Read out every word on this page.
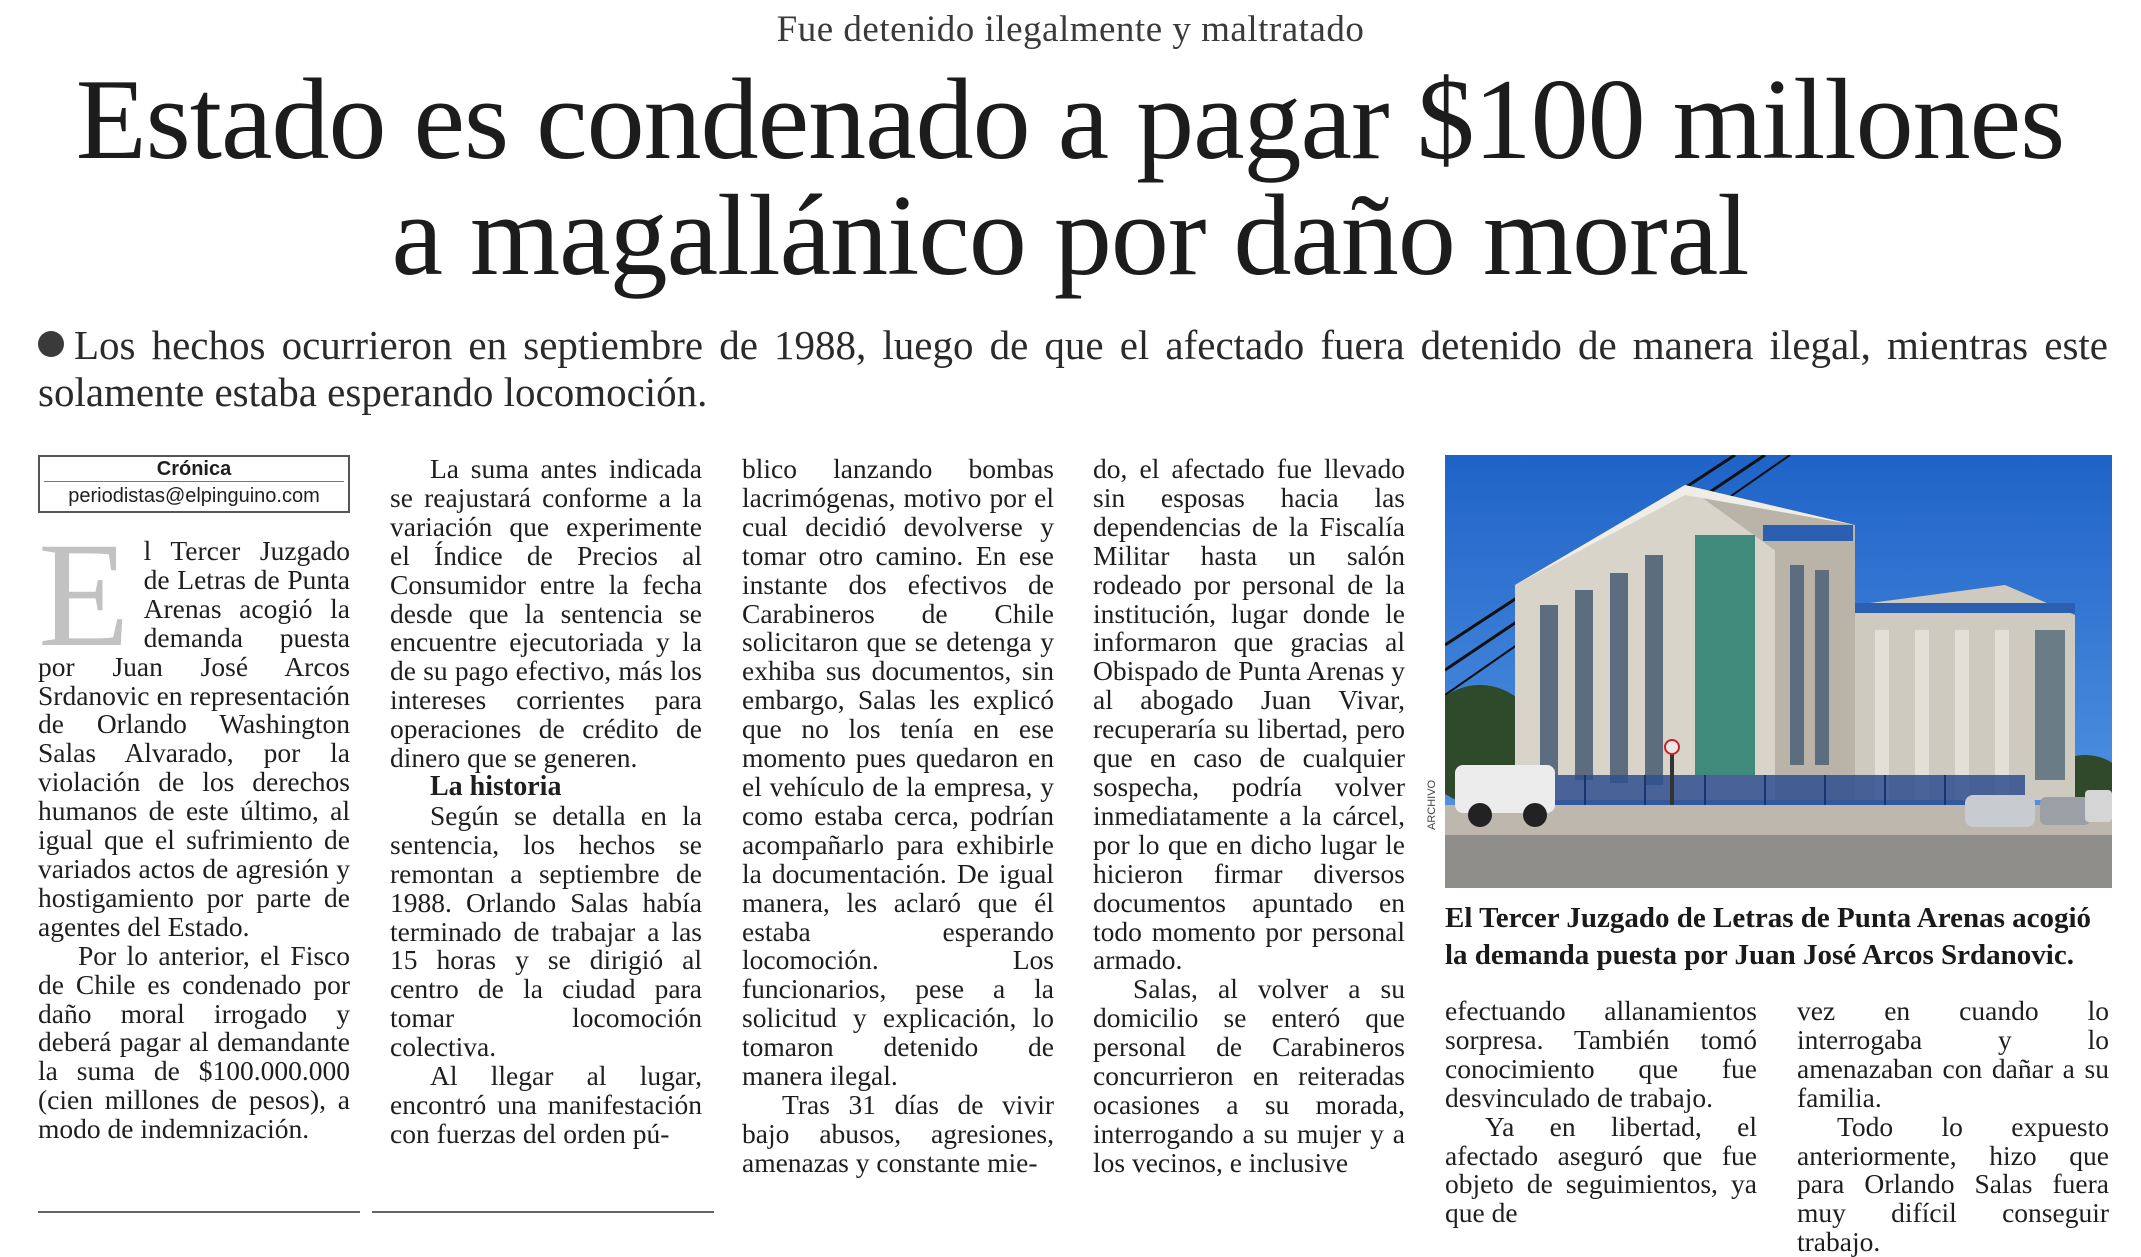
Fue detenido ilegalmente y maltratado
Estado es condenado a pagar $100 millones
a magallánico por daño moral
Los hechos ocurrieron en septiembre de 1988, luego de que el afectado fuera detenido de manera ilegal, mientras este solamente estaba esperando locomoción.
Crónica
periodistas@elpinguino.com

El Tercer Juzgado de Letras de Punta Arenas acogió la demanda puesta por Juan José Arcos Srdanovic en representación de Orlando Washington Salas Alvarado, por la violación de los derechos humanos de este último, al igual que el sufrimiento de variados actos de agresión y hostigamiento por parte de agentes del Estado.

Por lo anterior, el Fisco de Chile es condenado por daño moral irrogado y deberá pagar al demandante la suma de $100.000.000 (cien millones de pesos), a modo de indemnización.

La suma antes indicada se reajustará conforme a la variación que experimente el Índice de Precios al Consumidor entre la fecha desde que la sentencia se encuentre ejecutoriada y la de su pago efectivo, más los intereses corrientes para operaciones de crédito de dinero que se generen.

La historia

Según se detalla en la sentencia, los hechos se remontan a septiembre de 1988. Orlando Salas había terminado de trabajar a las 15 horas y se dirigió al centro de la ciudad para tomar locomoción colectiva.

Al llegar al lugar, encontró una manifestación con fuerzas del orden pú-

blico lanzando bombas lacrimógenas, motivo por el cual decidió devolverse y tomar otro camino. En ese instante dos efectivos de Carabineros de Chile solicitaron que se detenga y exhiba sus documentos, sin embargo, Salas les explicó que no los tenía en ese momento pues quedaron en el vehículo de la empresa, y como estaba cerca, podrían acompañarlo para exhibirle la documentación. De igual manera, les aclaró que él estaba esperando locomoción. Los funcionarios, pese a la solicitud y explicación, lo tomaron detenido de manera ilegal.

Tras 31 días de vivir bajo abusos, agresiones, amenazas y constante mie-

do, el afectado fue llevado sin esposas hacia las dependencias de la Fiscalía Militar hasta un salón rodeado por personal de la institución, lugar donde le informaron que gracias al Obispado de Punta Arenas y al abogado Juan Vivar, recuperaría su libertad, pero que en caso de cualquier sospecha, podría volver inmediatamente a la cárcel, por lo que en dicho lugar le hicieron firmar diversos documentos apuntado en todo momento por personal armado.

Salas, al volver a su domicilio se enteró que personal de Carabineros concurrieron en reiteradas ocasiones a su morada, interrogando a su mujer y a los vecinos, e inclusive

ARCHIVO
El Tercer Juzgado de Letras de Punta Arenas acogió la demanda puesta por Juan José Arcos Srdanovic.

efectuando allanamientos sorpresa. También tomó conocimiento que fue desvinculado de trabajo.

Ya en libertad, el afectado aseguró que fue objeto de seguimientos, ya que de

vez en cuando lo interrogaba y lo amenazaban con dañar a su familia.

Todo lo expuesto anteriormente, hizo que para Orlando Salas fuera muy difícil conseguir trabajo.
